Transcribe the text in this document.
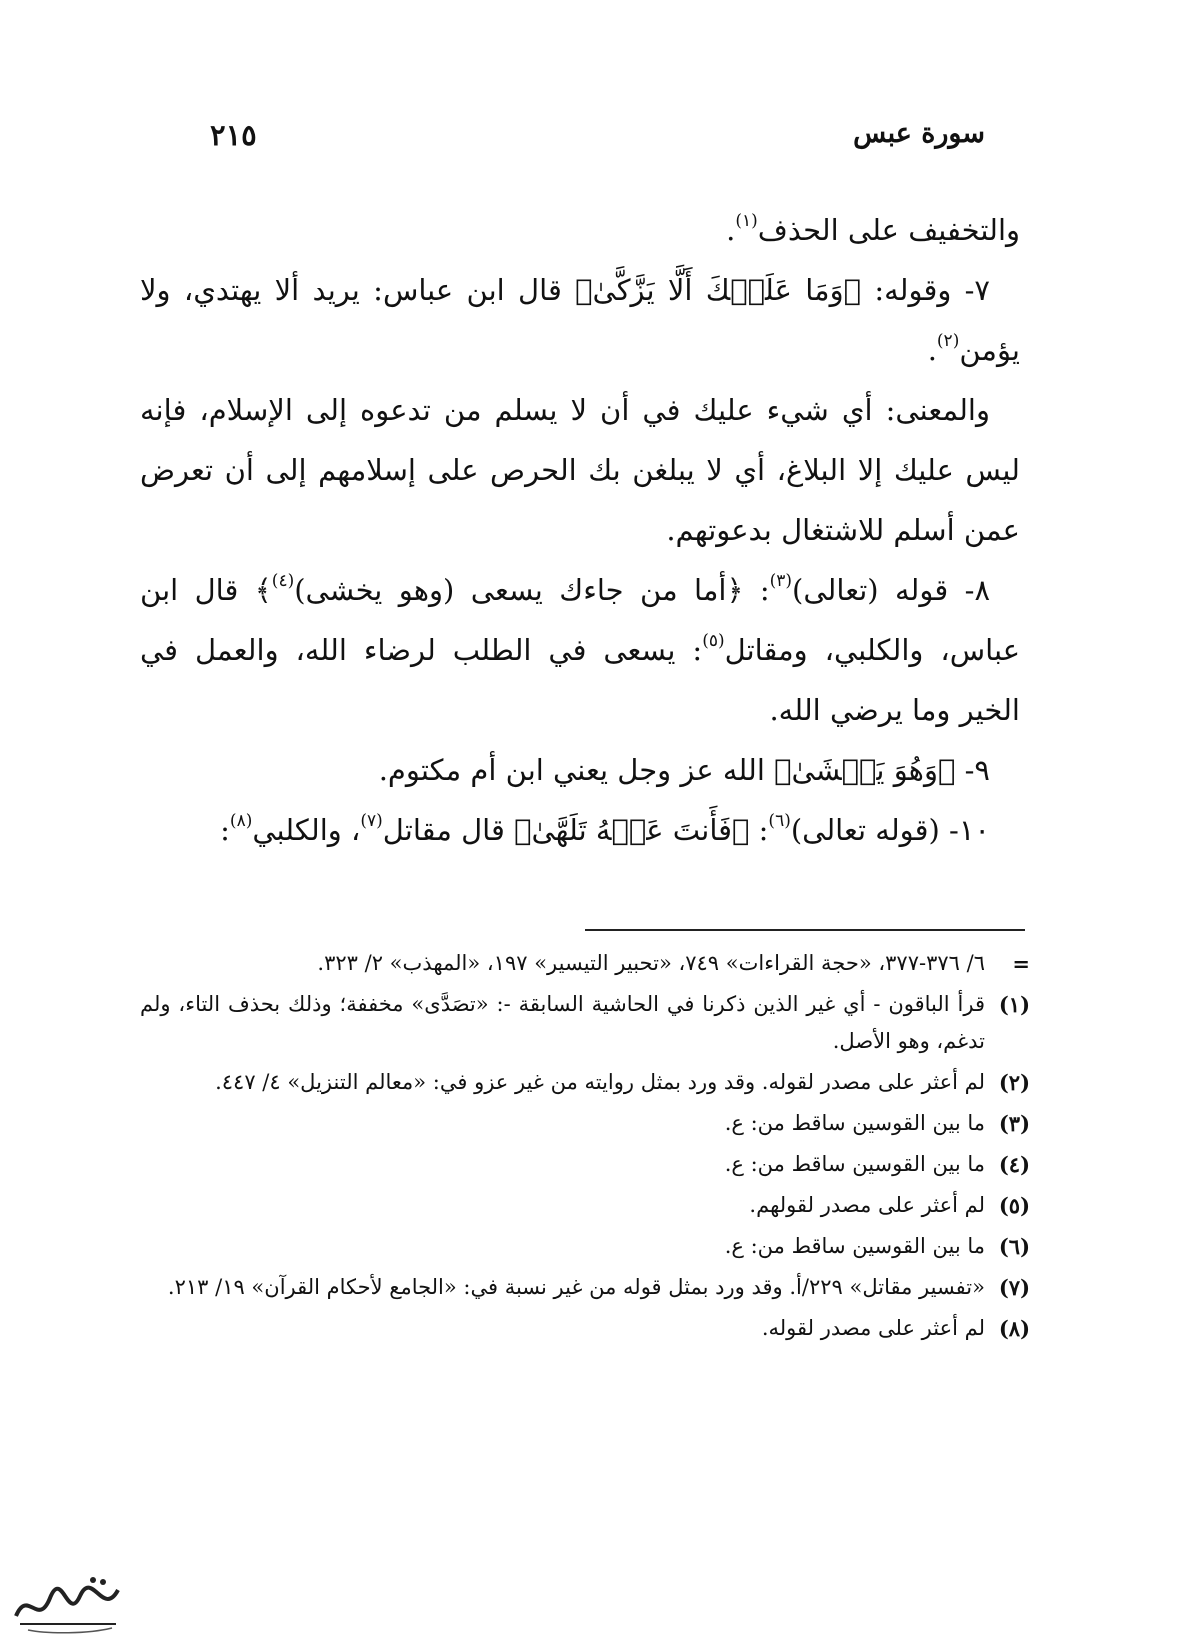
سورة عبس
٢١٥

والتخفيف على الحذف$^{(١)}$.

٧- وقوله: ﴿وَمَا عَلَيۡكَ أَلَّا يَزَّكَّىٰ﴾ قال ابن عباس: يريد ألا يهتدي، ولا يؤمن$^{(٢)}$.

والمعنى: أي شيء عليك في أن لا يسلم من تدعوه إلى الإسلام، فإنه ليس عليك إلا البلاغ، أي لا يبلغن بك الحرص على إسلامهم إلى أن تعرض عمن أسلم للاشتغال بدعوتهم.

٨- قوله (تعالى)$^{(٣)}$: ﴿أما من جاءك يسعى (وهو يخشى)$^{(٤)}$﴾ قال ابن عباس، والكلبي، ومقاتل$^{(٥)}$: يسعى في الطلب لرضاء الله، والعمل في الخير وما يرضي الله.

٩- ﴿وَهُوَ يَخۡشَىٰ﴾ الله عز وجل يعني ابن أم مكتوم.

١٠- (قوله تعالى)$^{(٦)}$: ﴿فَأَنتَ عَنۡهُ تَلَهَّىٰ﴾ قال مقاتل$^{(٧)}$، والكلبي$^{(٨)}$:

=
٦/ ٣٧٦-٣٧٧، «حجة القراءات» ٧٤٩، «تحبير التيسير» ١٩٧، «المهذب» ٢/ ٣٢٣.
(١)
قرأ الباقون - أي غير الذين ذكرنا في الحاشية السابقة -: «تصَدَّى» مخففة؛ وذلك بحذف التاء، ولم تدغم، وهو الأصل.
(٢)
لم أعثر على مصدر لقوله. وقد ورد بمثل روايته من غير عزو في: «معالم التنزيل» ٤/ ٤٤٧.
(٣)
ما بين القوسين ساقط من: ع.
(٤)
ما بين القوسين ساقط من: ع.
(٥)
لم أعثر على مصدر لقولهم.
(٦)
ما بين القوسين ساقط من: ع.
(٧)
«تفسير مقاتل» ٢٢٩/أ. وقد ورد بمثل قوله من غير نسبة في: «الجامع لأحكام القرآن» ١٩/ ٢١٣.
(٨)
لم أعثر على مصدر لقوله.
